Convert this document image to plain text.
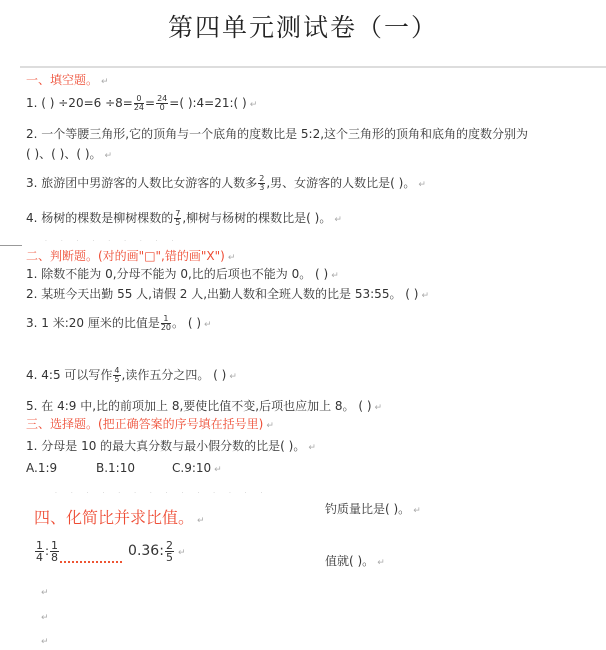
第四单元测试卷（一）
一、填空题。 ↵
1. ( ) $\div 20=6 \div 8= \frac{0}{24} = \frac{24}{0}$ =( ):4=21:( ) ↵
2. 一个等腰三角形,它的顶角与一个底角的度数比是 5:2,这个三角形的顶角和底角的度数分别为
( )、( )、( )。 ↵
3. 旅游团中男游客的人数比女游客的人数多 $\frac{2}{3}$ ,男、女游客的人数比是( )。 ↵
4. 杨树的棵数是柳树棵数的 $\frac{7}{5}$ ,柳树与杨树的棵数比是( )。 ↵
· · · · · · · · ·
二、判断题。(对的画"□",错的画"X") ↵
1. 除数不能为 0,分母不能为 0,比的后项也不能为 0。 ( ) ↵
2. 某班今天出勤 55 人,请假 2 人,出勤人数和全班人数的比是 53:55。 ( ) ↵
3. 1 米:20 厘米的比值是 $\frac{1}{20}$ 。 ( ) ↵
4. 4:5 可以写作 $\frac{4}{5}$ ,读作五分之四。 ( ) ↵
5. 在 4:9 中,比的前项加上 8,要使比值不变,后项也应加上 8。 ( ) ↵
三、选择题。(把正确答案的序号填在括号里) ↵
1. 分母是 10 的最大真分数与最小假分数的比是( )。 ↵
A.1:9	B.1:10	C.9:10 ↵
· · · · · · · · · · · · · ·
钓质量比是( )。 ↵
四、化简比并求比值。 ↵
$\frac{1}{4}$ : $\frac{1}{8}$	0.36: $\frac{2}{5}$ ↵
值就( )。 ↵
↵
↵
↵
